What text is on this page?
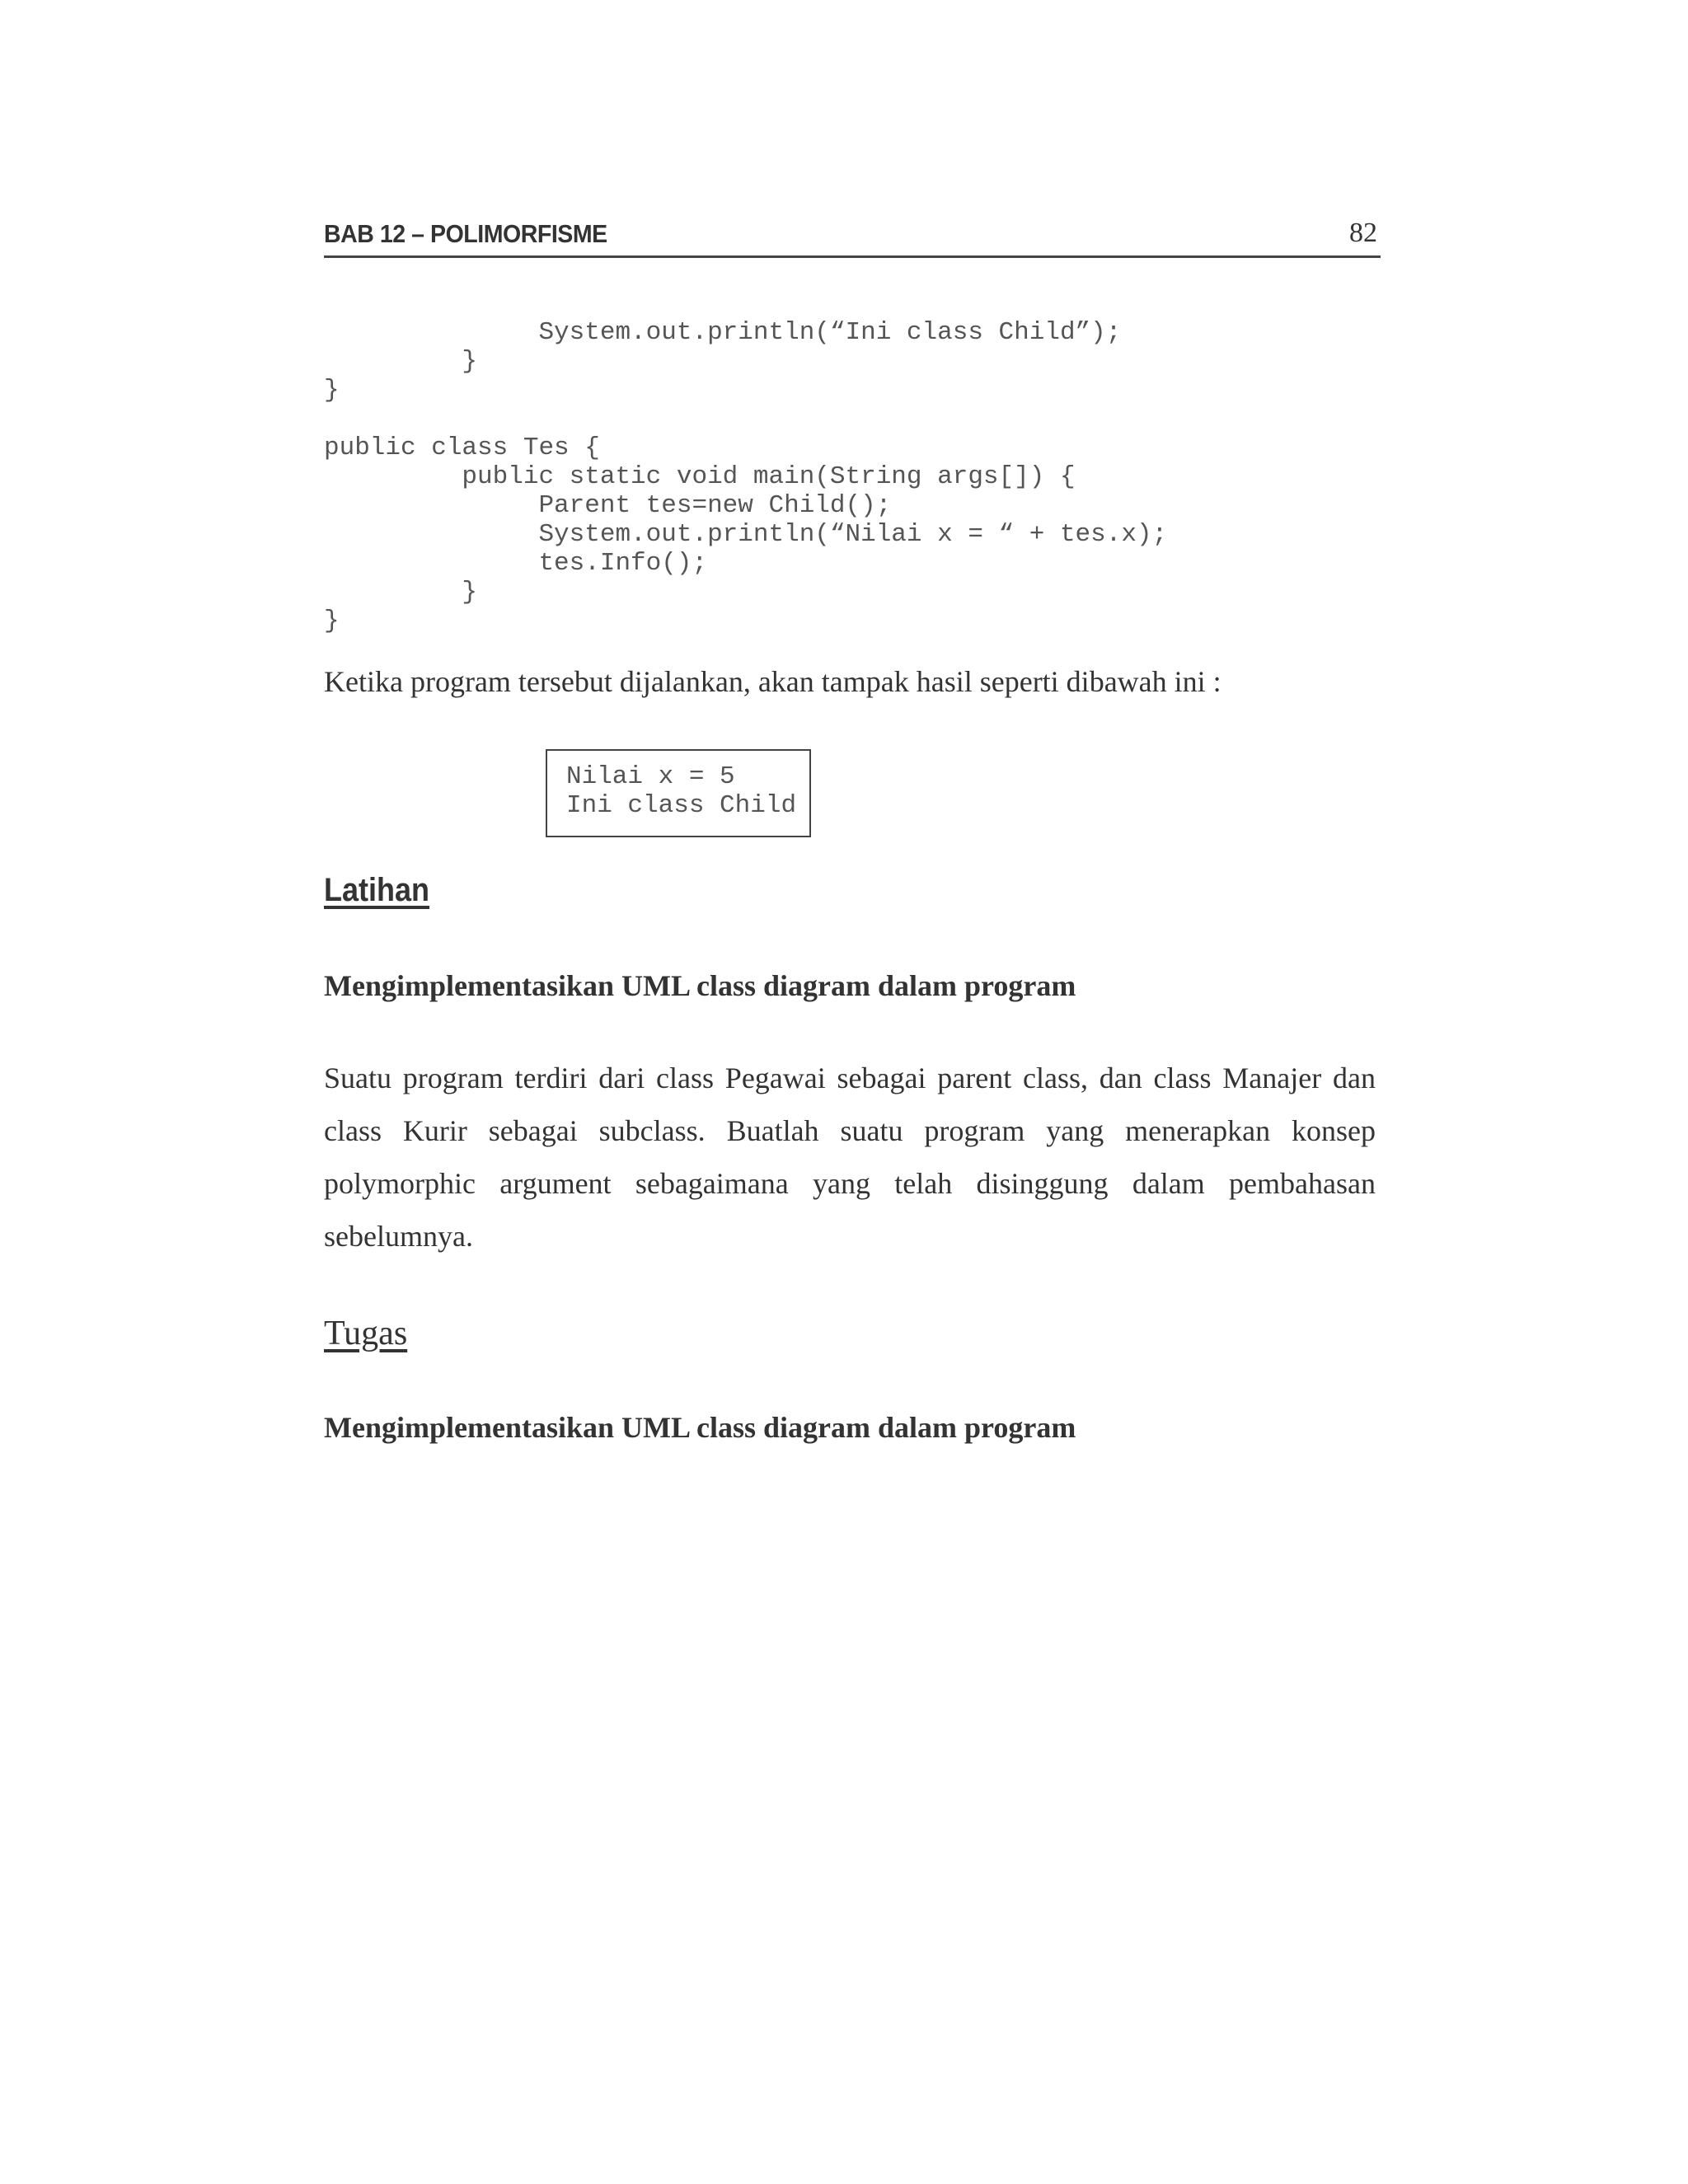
BAB 12 – POLIMORFISME	82
System.out.println(“Ini class Child”);
}
}

public class Tes {
public static void main(String args[]) {
Parent tes=new Child();
System.out.println(“Nilai x = “ + tes.x);
tes.Info();
}
}

Ketika program tersebut dijalankan, akan tampak hasil seperti dibawah ini :

Nilai x = 5
Ini class Child
Latihan
Mengimplementasikan UML class diagram dalam program

Suatu program terdiri dari class Pegawai sebagai parent class, dan class Manajer dan class Kurir sebagai subclass. Buatlah suatu program yang menerapkan konsep polymorphic argument sebagaimana yang telah disinggung dalam pembahasan sebelumnya.

Tugas
Mengimplementasikan UML class diagram dalam program
